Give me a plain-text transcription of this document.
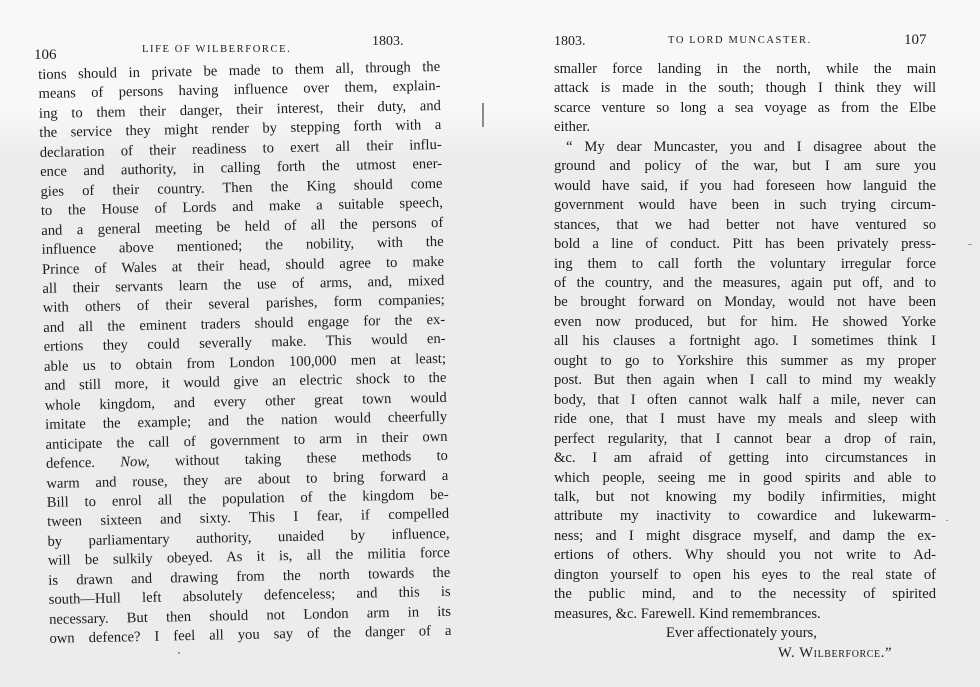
106	LIFE OF WILBERFORCE.
1803.
tions should in private be made to them all, through the
means of persons having influence over them, explain-
ing to them their danger, their interest, their duty, and
the service they might render by stepping forth with a
declaration of their readiness to exert all their influ-
ence and authority, in calling forth the utmost ener-
gies of their country. Then the King should come
to the House of Lords and make a suitable speech,
and a general meeting be held of all the persons of
influence above mentioned; the nobility, with the
Prince of Wales at their head, should agree to make
all their servants learn the use of arms, and, mixed
with others of their several parishes, form companies;
and all the eminent traders should engage for the ex-
ertions they could severally make. This would en-
able us to obtain from London 100,000 men at least;
and still more, it would give an electric shock to the
whole kingdom, and every other great town would
imitate the example; and the nation would cheerfully
anticipate the call of government to arm in their own
defence. Now, without taking these methods to
warm and rouse, they are about to bring forward a
Bill to enrol all the population of the kingdom be-
tween sixteen and sixty. This I fear, if compelled
by parliamentary authority, unaided by influence,
will be sulkily obeyed. As it is, all the militia force
is drawn and drawing from the north towards the
south—Hull left absolutely defenceless; and this is
necessary. But then should not London arm in its
own defence? I feel all you say of the danger of a
1803.	TO LORD MUNCASTER.	107
smaller force landing in the north, while the main
attack is made in the south; though I think they will
scarce venture so long a sea voyage as from the Elbe
either.
“ My dear Muncaster, you and I disagree about the
ground and policy of the war, but I am sure you
would have said, if you had foreseen how languid the
government would have been in such trying circum-
stances, that we had better not have ventured so
bold a line of conduct. Pitt has been privately press-
ing them to call forth the voluntary irregular force
of the country, and the measures, again put off, and to
be brought forward on Monday, would not have been
even now produced, but for him. He showed Yorke
all his clauses a fortnight ago. I sometimes think I
ought to go to Yorkshire this summer as my proper
post. But then again when I call to mind my weakly
body, that I often cannot walk half a mile, never can
ride one, that I must have my meals and sleep with
perfect regularity, that I cannot bear a drop of rain,
&c. I am afraid of getting into circumstances in
which people, seeing me in good spirits and able to
talk, but not knowing my bodily infirmities, might
attribute my inactivity to cowardice and lukewarm-
ness; and I might disgrace myself, and damp the ex-
ertions of others. Why should you not write to Ad-
dington yourself to open his eyes to the real state of
the public mind, and to the necessity of spirited
measures, &c. Farewell. Kind remembrances.
Ever affectionately yours,
W. Wilberforce.”
